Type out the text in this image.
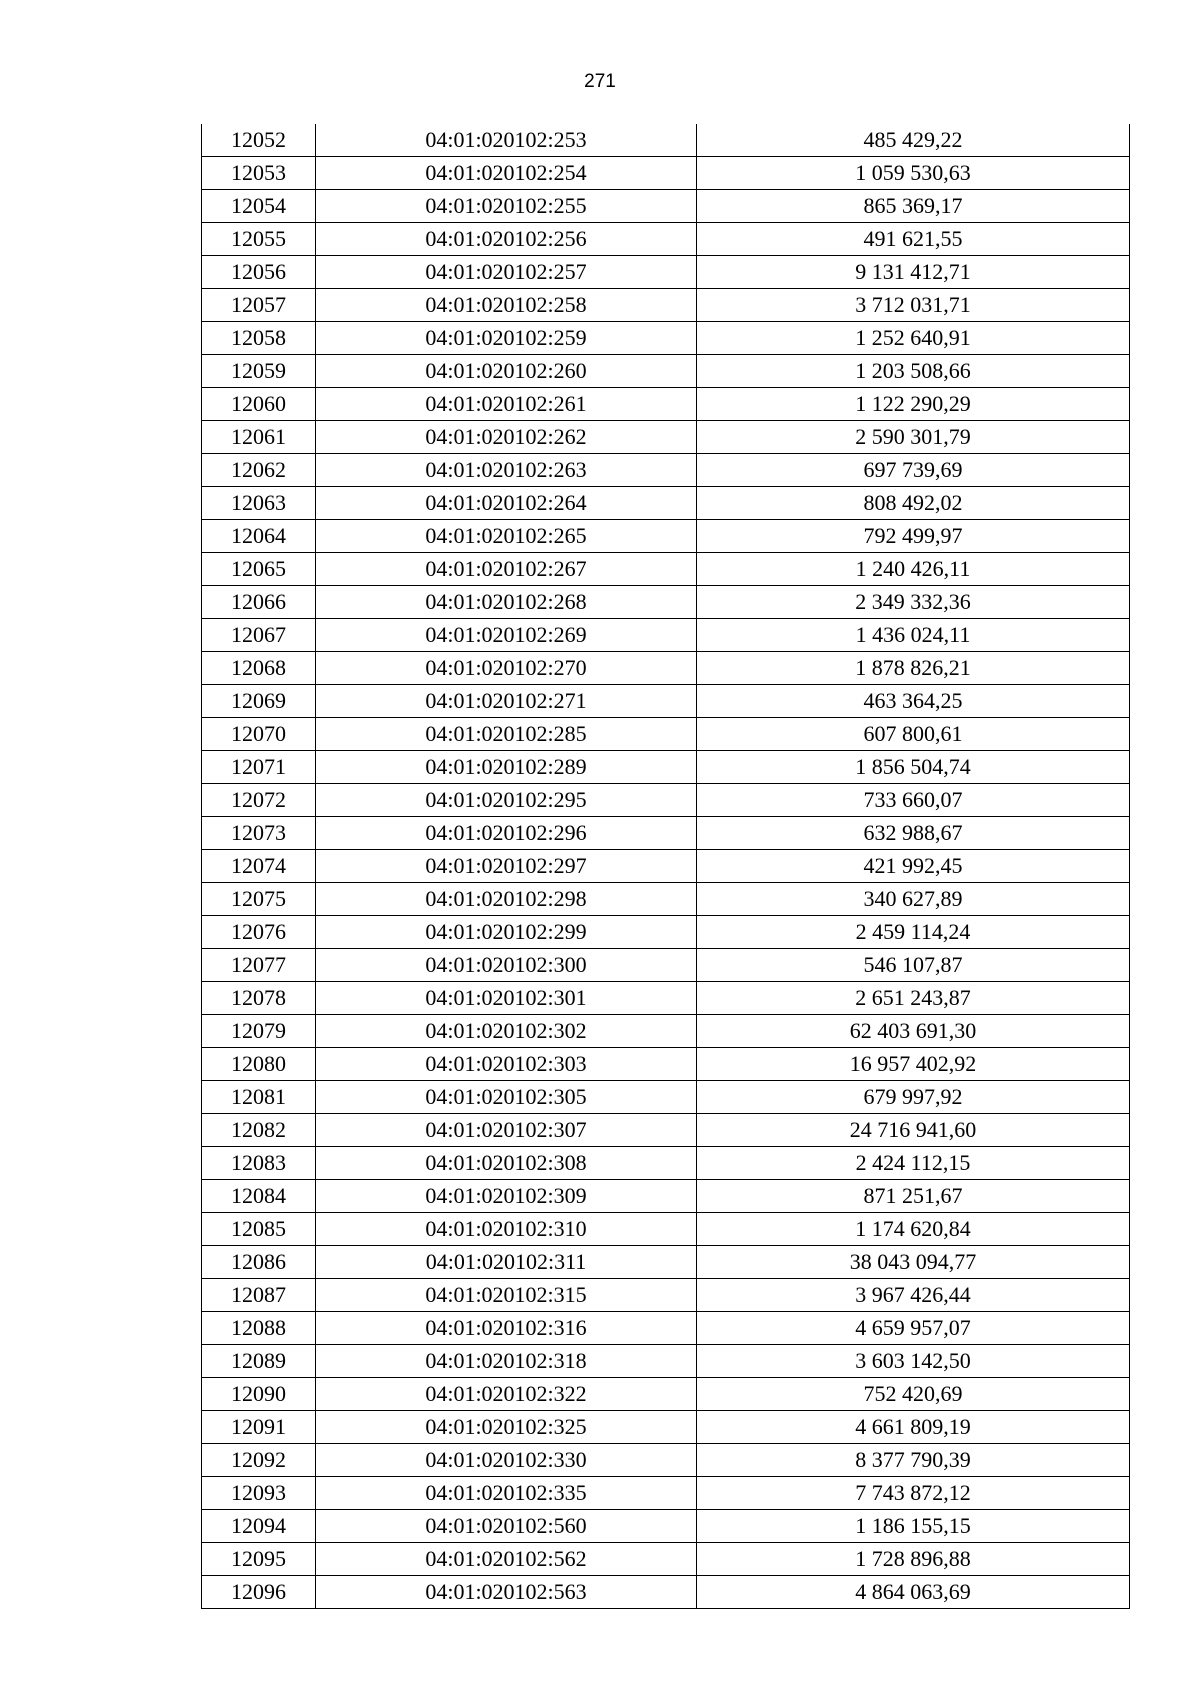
271
12052	04:01:020102:253	485 429,22
12053	04:01:020102:254	1 059 530,63
12054	04:01:020102:255	865 369,17
12055	04:01:020102:256	491 621,55
12056	04:01:020102:257	9 131 412,71
12057	04:01:020102:258	3 712 031,71
12058	04:01:020102:259	1 252 640,91
12059	04:01:020102:260	1 203 508,66
12060	04:01:020102:261	1 122 290,29
12061	04:01:020102:262	2 590 301,79
12062	04:01:020102:263	697 739,69
12063	04:01:020102:264	808 492,02
12064	04:01:020102:265	792 499,97
12065	04:01:020102:267	1 240 426,11
12066	04:01:020102:268	2 349 332,36
12067	04:01:020102:269	1 436 024,11
12068	04:01:020102:270	1 878 826,21
12069	04:01:020102:271	463 364,25
12070	04:01:020102:285	607 800,61
12071	04:01:020102:289	1 856 504,74
12072	04:01:020102:295	733 660,07
12073	04:01:020102:296	632 988,67
12074	04:01:020102:297	421 992,45
12075	04:01:020102:298	340 627,89
12076	04:01:020102:299	2 459 114,24
12077	04:01:020102:300	546 107,87
12078	04:01:020102:301	2 651 243,87
12079	04:01:020102:302	62 403 691,30
12080	04:01:020102:303	16 957 402,92
12081	04:01:020102:305	679 997,92
12082	04:01:020102:307	24 716 941,60
12083	04:01:020102:308	2 424 112,15
12084	04:01:020102:309	871 251,67
12085	04:01:020102:310	1 174 620,84
12086	04:01:020102:311	38 043 094,77
12087	04:01:020102:315	3 967 426,44
12088	04:01:020102:316	4 659 957,07
12089	04:01:020102:318	3 603 142,50
12090	04:01:020102:322	752 420,69
12091	04:01:020102:325	4 661 809,19
12092	04:01:020102:330	8 377 790,39
12093	04:01:020102:335	7 743 872,12
12094	04:01:020102:560	1 186 155,15
12095	04:01:020102:562	1 728 896,88
12096	04:01:020102:563	4 864 063,69
